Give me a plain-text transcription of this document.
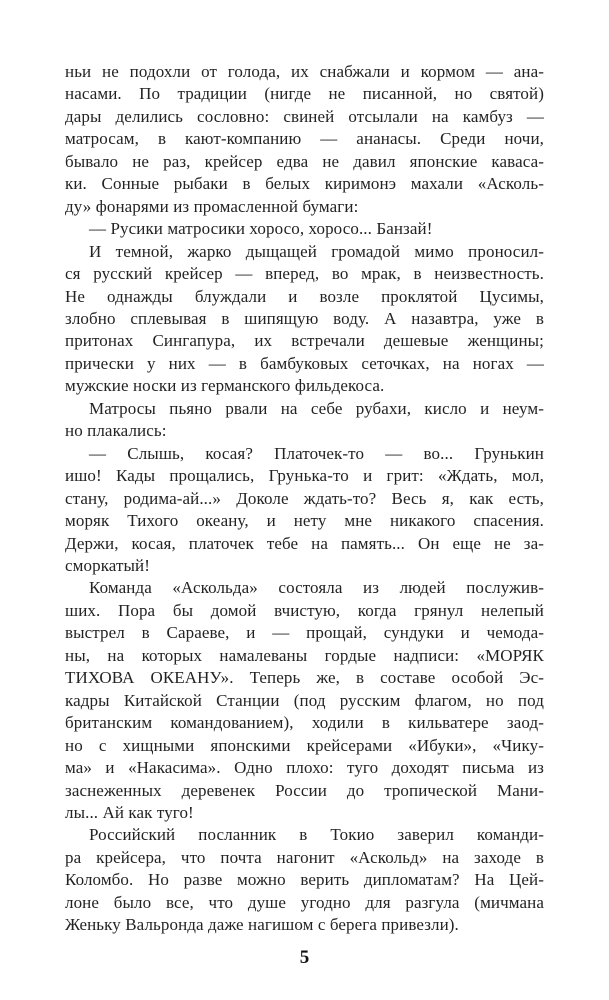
ньи не подохли от голода, их снабжали и кормом — ана-
насами. По традиции (нигде не писанной, но святой)
дары делились сословно: свиней отсылали на камбуз —
матросам, в кают-компанию — ананасы. Среди ночи,
бывало не раз, крейсер едва не давил японские каваса-
ки. Сонные рыбаки в белых киримонэ махали «Асколь-
ду» фонарями из промасленной бумаги:
— Русики матросики хоросо, хоросо... Банзай!
И темной, жарко дыщащей громадой мимо проносил-
ся русский крейсер — вперед, во мрак, в неизвестность.
Не однажды блуждали и возле проклятой Цусимы,
злобно сплевывая в шипящую воду. А назавтра, уже в
притонах Сингапура, их встречали дешевые женщины;
прически у них — в бамбуковых сеточках, на ногах —
мужские носки из германского фильдекоса.
Матросы пьяно рвали на себе рубахи, кисло и неум-
но плакались:
— Слышь, косая? Платочек-то — во... Грунькин
ишо! Кады прощались, Грунька-то и грит: «Ждать, мол,
стану, родима-ай...» Доколе ждать-то? Весь я, как есть,
моряк Тихого океану, и нету мне никакого спасения.
Держи, косая, платочек тебе на память... Он еще не за-
сморкатый!
Команда «Аскольда» состояла из людей послужив-
ших. Пора бы домой вчистую, когда грянул нелепый
выстрел в Сараеве, и — прощай, сундуки и чемода-
ны, на которых намалеваны гордые надписи: «МОРЯК
ТИХОВА ОКЕАНУ». Теперь же, в составе особой Эс-
кадры Китайской Станции (под русским флагом, но под
британским командованием), ходили в кильватере заод-
но с хищными японскими крейсерами «Ибуки», «Чику-
ма» и «Накасима». Одно плохо: туго доходят письма из
заснеженных деревенек России до тропической Мани-
лы... Ай как туго!
Российский посланник в Токио заверил команди-
ра крейсера, что почта нагонит «Аскольд» на заходе в
Коломбо. Но разве можно верить дипломатам? На Цей-
лоне было все, что душе угодно для разгула (мичмана
Женьку Вальронда даже нагишом с берега привезли).
5
